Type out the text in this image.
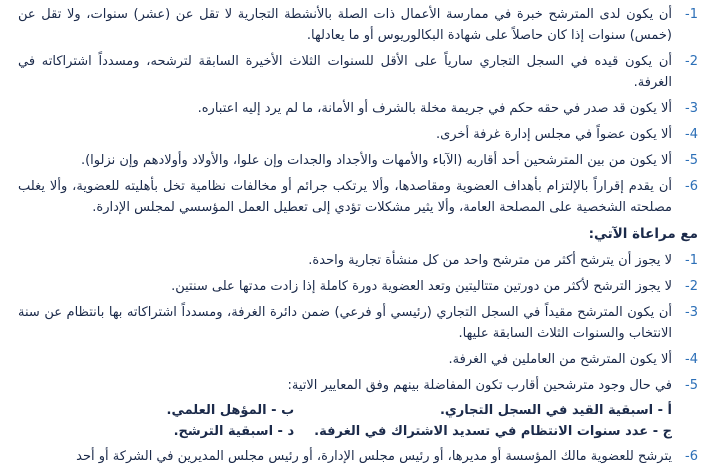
1-
أن يكون لدى المترشح خبرة في ممارسة الأعمال ذات الصلة بالأنشطة التجارية لا تقل عن (عشر) سنوات، ولا تقل عن (خمس) سنوات إذا كان حاصلاً على شهادة البكالوريوس أو ما يعادلها.
2-
أن يكون قيده في السجل التجاري سارياً على الأقل للسنوات الثلاث الأخيرة السابقة لترشحه، ومسدداً اشتراكاته في الغرفة.
3-
ألا يكون قد صدر في حقه حكم في جريمة مخلة بالشرف أو الأمانة، ما لم يرد إليه اعتباره.
4-
ألا يكون عضواً في مجلس إدارة غرفة أخرى.
5-
ألا يكون من بين المترشحين أحد أقاربه (الآباء والأمهات والأجداد والجدات وإن علوا، والأولاد وأولادهم وإن نزلوا).
6-
أن يقدم إقراراً بالإلتزام بأهداف العضوية ومقاصدها، وألا يرتكب جرائم أو مخالفات نظامية تخل بأهليته للعضوية، وألا يغلب مصلحته الشخصية على المصلحة العامة، وألا يثير مشكلات تؤدي إلى تعطيل العمل المؤسسي لمجلس الإدارة.
مع مراعاة الآتي:
1-
لا يجوز أن يترشح أكثر من مترشح واحد من كل منشأة تجارية واحدة.
2-
لا يجوز الترشح لأكثر من دورتين متتاليتين وتعد العضوية دورة كاملة إذا زادت مدتها على سنتين.
3-
أن يكون المترشح مقيداً في السجل التجاري (رئيسي أو فرعي) ضمن دائرة الغرفة، ومسدداً اشتراكاته بها بانتظام عن سنة الانتخاب والسنوات الثلاث السابقة عليها.
4-
ألا يكون المترشح من العاملين في الغرفة.
5-
في حال وجود مترشحين أقارب تكون المفاضلة بينهم وفق المعايير الاتية:
أ - اسبقية القيد في السجل التجاري.
ب - المؤهل العلمي.
ج - عدد سنوات الانتظام في تسديد الاشتراك في الغرفة.
د - اسبقية الترشح.
6-
يترشح للعضوية مالك المؤسسة أو مديرها، أو رئيس مجلس الإدارة، أو رئيس مجلس المديرين في الشركة أو أحد
